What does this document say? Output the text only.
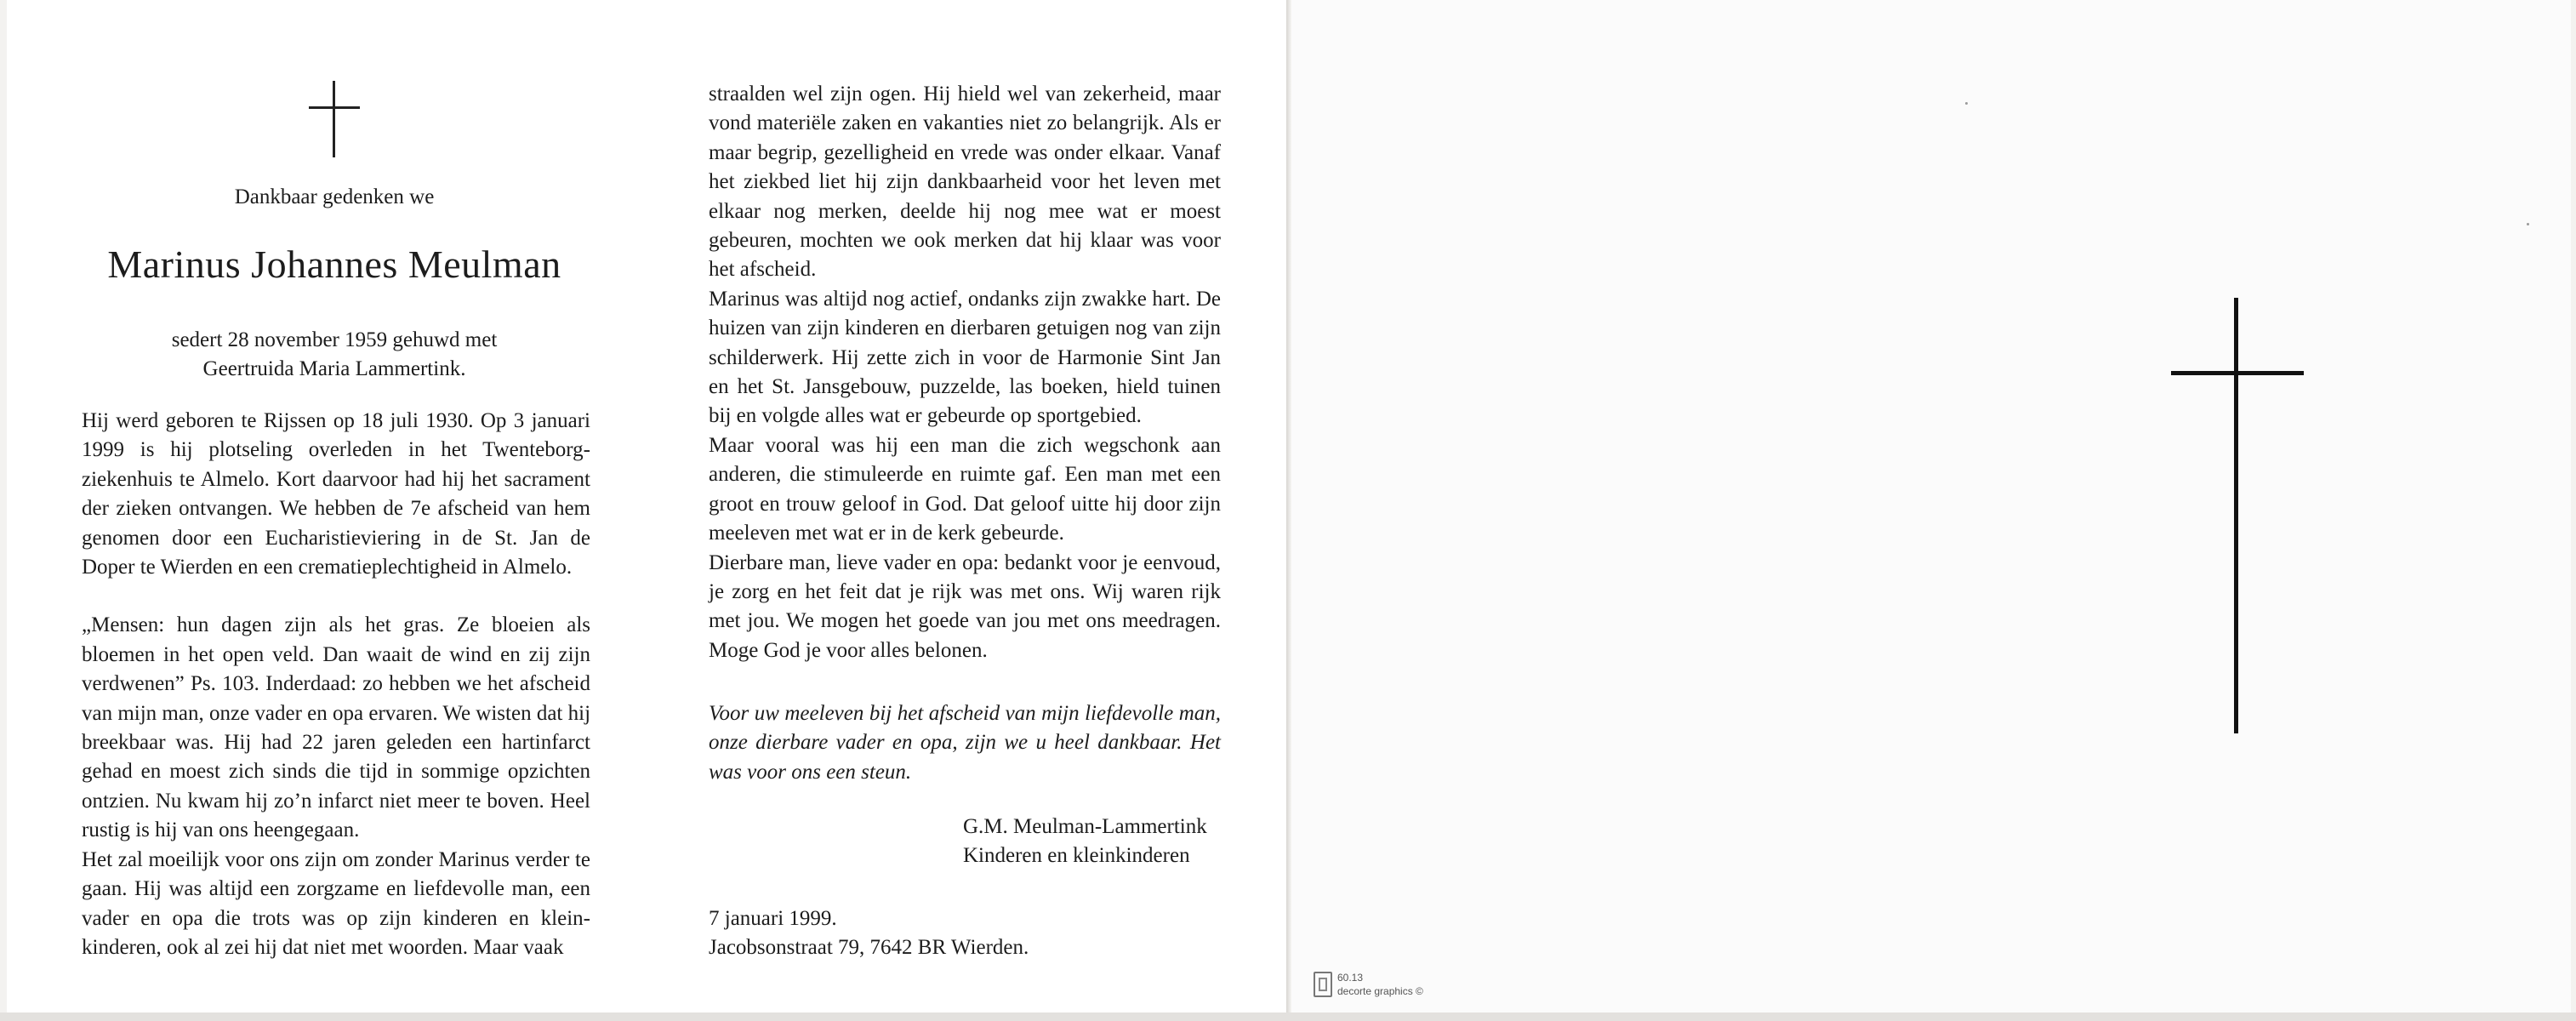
Dankbaar gedenken we
Marinus Johannes Meulman
sedert 28 november 1959 gehuwd met
Geertruida Maria Lammertink.

Hij werd geboren te Rijssen op 18 juli 1930. Op 3 januari 1999 is hij plotseling overleden in het Twenteborg-ziekenhuis te Almelo. Kort daarvoor had hij het sacrament der zieken ontvangen. We hebben de 7e afscheid van hem genomen door een Eucharistieviering in de St. Jan de Doper te Wierden en een crematieplechtigheid in Almelo.

„Mensen: hun dagen zijn als het gras. Ze bloeien als bloemen in het open veld. Dan waait de wind en zij zijn verdwenen” Ps. 103. Inderdaad: zo hebben we het afscheid van mijn man, onze vader en opa ervaren. We wisten dat hij breekbaar was. Hij had 22 jaren geleden een hartinfarct gehad en moest zich sinds die tijd in sommige opzichten ontzien. Nu kwam hij zo’n infarct niet meer te boven. Heel rustig is hij van ons heengegaan.

Het zal moeilijk voor ons zijn om zonder Marinus verder te gaan. Hij was altijd een zorgzame en liefdevolle man, een vader en opa die trots was op zijn kinderen en klein-kinderen, ook al zei hij dat niet met woorden. Maar vaak

straalden wel zijn ogen. Hij hield wel van zekerheid, maar vond materiële zaken en vakanties niet zo belangrijk. Als er maar begrip, gezelligheid en vrede was onder elkaar. Vanaf het ziekbed liet hij zijn dankbaarheid voor het leven met elkaar nog merken, deelde hij nog mee wat er moest gebeuren, mochten we ook merken dat hij klaar was voor het afscheid.

Marinus was altijd nog actief, ondanks zijn zwakke hart. De huizen van zijn kinderen en dierbaren getuigen nog van zijn schilderwerk. Hij zette zich in voor de Harmonie Sint Jan en het St. Jansgebouw, puzzelde, las boeken, hield tuinen bij en volgde alles wat er gebeurde op sportgebied.

Maar vooral was hij een man die zich wegschonk aan anderen, die stimuleerde en ruimte gaf. Een man met een groot en trouw geloof in God. Dat geloof uitte hij door zijn meeleven met wat er in de kerk gebeurde.

Dierbare man, lieve vader en opa: bedankt voor je eenvoud, je zorg en het feit dat je rijk was met ons. Wij waren rijk met jou. We mogen het goede van jou met ons meedragen. Moge God je voor alles belonen.

Voor uw meeleven bij het afscheid van mijn liefdevolle man, onze dierbare vader en opa, zijn we u heel dankbaar. Het was voor ons een steun.
G.M. Meulman-Lammertink
Kinderen en kleinkinderen
7 januari 1999.
Jacobsonstraat 79, 7642 BR Wierden.
60.13
decorte graphics ©
